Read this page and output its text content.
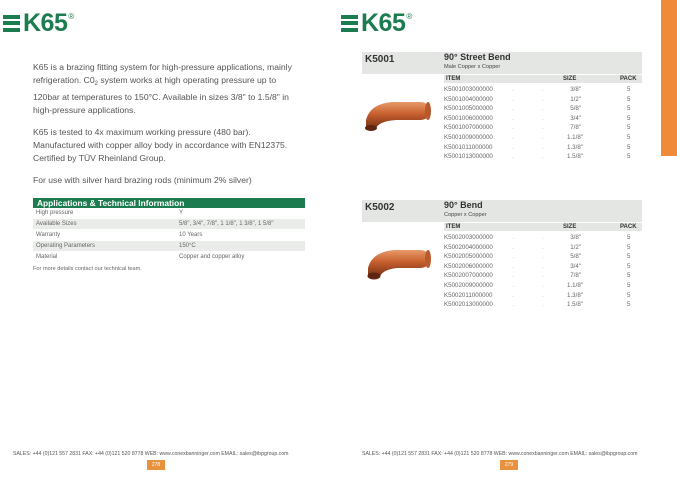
K65 ®

K65 is a brazing fitting system for high-pressure applications, mainly refrigeration. $C0_2$ system works at high operating pressure up to 120bar at temperatures to 150°C. Available in sizes 3/8" to 1.5/8" in high-pressure applications.

K65 is tested to 4x maximum working pressure (480 bar). Manufactured with copper alloy body in accordance with EN12375. Certified by TÜV Rheinland Group.

For use with silver hard brazing rods (minimum 2% silver)

Applications & Technical Information
High pressure	Y
Available Sizes	5/8", 3/4", 7/8", 1 1/8", 1 3/8", 1 5/8"
Warranty	10 Years
Operating Parameters	150°C
Material	Copper and copper alloy
For more details contact our technical team.
SALES: +44 (0)121 557 2831 FAX: +44 (0)121 520 8778 WEB: www.conexbanninger.com EMAIL: sales@ibpgroup.com
278
K65 ®
K5001	90° Street Bend
Male Copper x Copper
ITEM	SIZE	PACK
K5001003000000	.	.	3/8"	5
K5001004000000	.	.	1/2"	5
K5001005000000	.	.	5/8"	5
K5001006000000	.	.	3/4"	5
K5001007000000	.	.	7/8"	5
K5001009000000	.	.	1.1/8"	5
K5001011000000	.	.	1.3/8"	5
K5001013000000	.	.	1.5/8"	5
K5002	90° Bend
Copper x Copper
ITEM	SIZE	PACK
K5002003000000	.	.	3/8"	5
K5002004000000	.	.	1/2"	5
K5002005000000	.	.	5/8"	5
K5002006000000	.	.	3/4"	5
K5002007000000	.	.	7/8"	5
K5002009000000	.	.	1.1/8"	5
K5002011000000	.	.	1.3/8"	5
K5002013000000	.	.	1.5/8"	5
SALES: +44 (0)121 557 2831 FAX: +44 (0)121 520 8778 WEB: www.conexbanninger.com EMAIL: sales@ibpgroup.com
279
